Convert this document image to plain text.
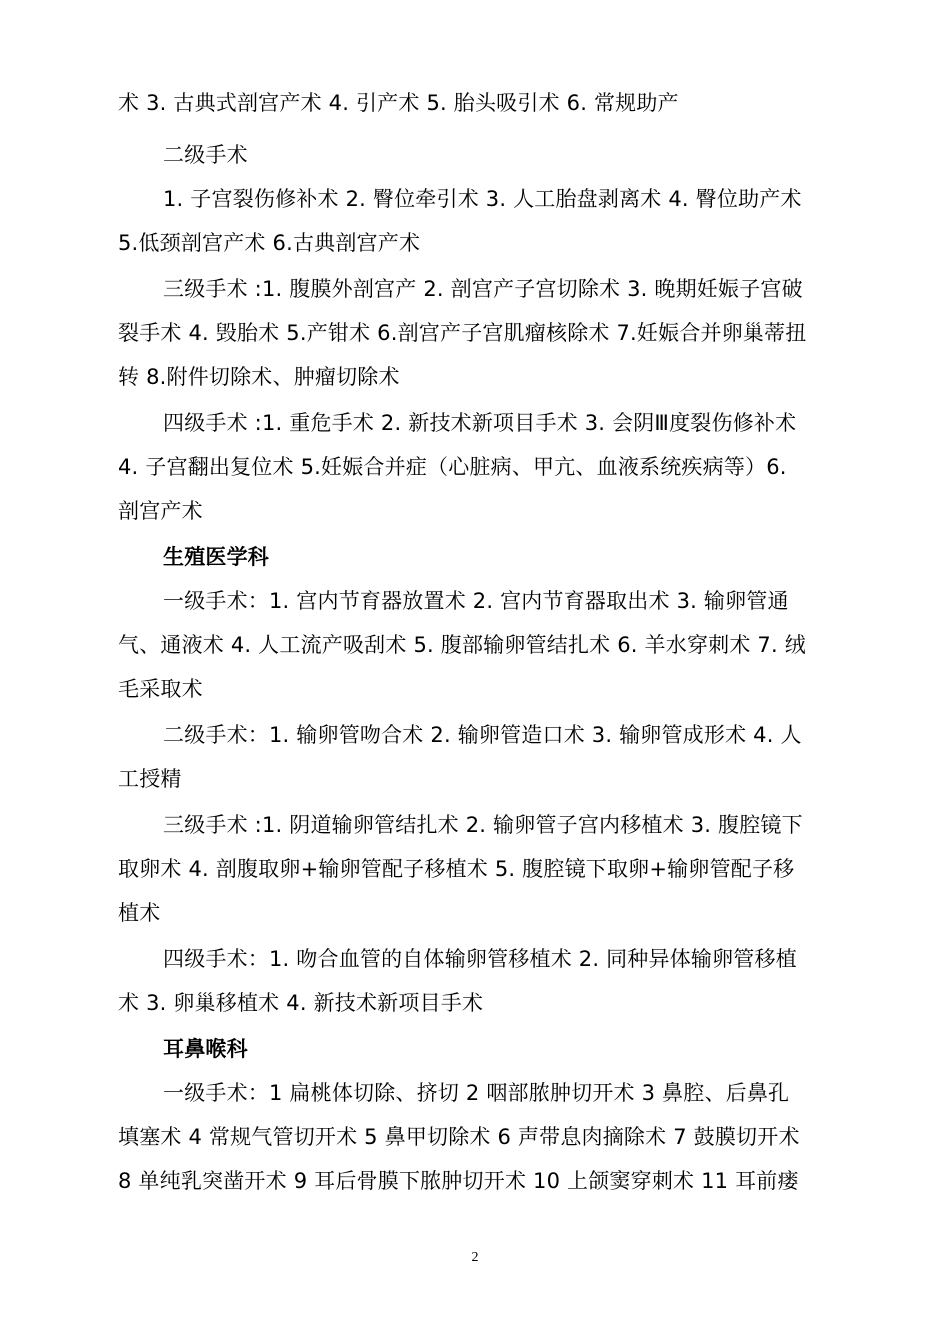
术 3. 古典式剖宫产术 4. 引产术 5. 胎头吸引术 6. 常规助产
二级手术
1. 子宫裂伤修补术 2. 臀位牵引术 3. 人工胎盘剥离术 4. 臀位助产术
5.低颈剖宫产术 6.古典剖宫产术
三级手术 :1. 腹膜外剖宫产 2. 剖宫产子宫切除术 3. 晚期妊娠子宫破
裂手术 4. 毁胎术 5.产钳术 6.剖宫产子宫肌瘤核除术 7.妊娠合并卵巢蒂扭
转 8.附件切除术、肿瘤切除术
四级手术 :1. 重危手术 2. 新技术新项目手术 3. 会阴Ⅲ度裂伤修补术
4. 子宫翻出复位术 5.妊娠合并症（心脏病、甲亢、血液系统疾病等）6.
剖宫产术
生殖医学科
一级手术：1. 宫内节育器放置术 2. 宫内节育器取出术 3. 输卵管通
气、通液术 4. 人工流产吸刮术 5. 腹部输卵管结扎术 6. 羊水穿刺术 7. 绒
毛采取术
二级手术：1. 输卵管吻合术 2. 输卵管造口术 3. 输卵管成形术 4. 人
工授精
三级手术 :1. 阴道输卵管结扎术 2. 输卵管子宫内移植术 3. 腹腔镜下
取卵术 4. 剖腹取卵+输卵管配子移植术 5. 腹腔镜下取卵+输卵管配子移
植术
四级手术：1. 吻合血管的自体输卵管移植术 2. 同种异体输卵管移植
术 3. 卵巢移植术 4. 新技术新项目手术
耳鼻喉科
一级手术：1 扁桃体切除、挤切 2 咽部脓肿切开术 3 鼻腔、后鼻孔
填塞术 4 常规气管切开术 5 鼻甲切除术 6 声带息肉摘除术 7 鼓膜切开术
8 单纯乳突凿开术 9 耳后骨膜下脓肿切开术 10 上颌窦穿刺术 11 耳前瘘
2
